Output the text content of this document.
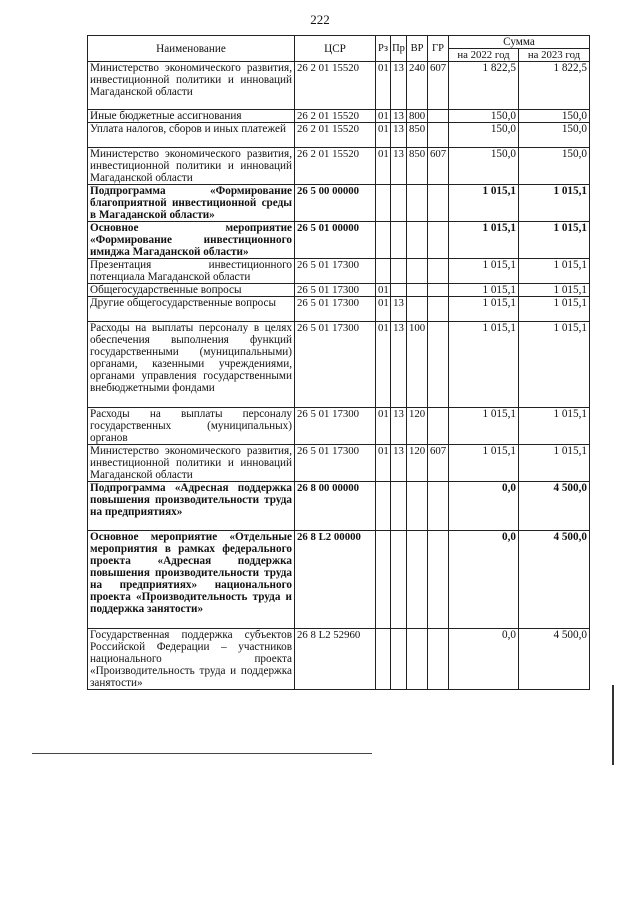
222
Наименование	ЦСР	Рз	Пр	ВР	ГР	Сумма	
						на 2022 год	на 2023 год
Министерство экономического развития, инвестиционной политики и инноваций Магаданской области	26 2 01 15520	01	13	240	607	1 822,5	1 822,5
Иные бюджетные ассигнования	26 2 01 15520	01	13	800		150,0	150,0
Уплата налогов, сборов и иных платежей	26 2 01 15520	01	13	850		150,0	150,0
Министерство экономического развития, инвестиционной политики и инноваций Магаданской области	26 2 01 15520	01	13	850	607	150,0	150,0
Подпрограмма «Формирование благоприятной инвестиционной среды в Магаданской области»	26 5 00 00000					1 015,1	1 015,1
Основное мероприятие «Формирование инвестиционного имиджа Магаданской области»	26 5 01 00000					1 015,1	1 015,1
Презентация инвестиционного потенциала Магаданской области	26 5 01 17300					1 015,1	1 015,1
Общегосударственные вопросы	26 5 01 17300	01				1 015,1	1 015,1
Другие общегосударственные вопросы	26 5 01 17300	01	13			1 015,1	1 015,1
Расходы на выплаты персоналу в целях обеспечения выполнения функций государственными (муниципальными) органами, казенными учреждениями, органами управления государственными внебюджетными фондами	26 5 01 17300	01	13	100		1 015,1	1 015,1
Расходы на выплаты персоналу государственных (муниципальных) органов	26 5 01 17300	01	13	120		1 015,1	1 015,1
Министерство экономического развития, инвестиционной политики и инноваций Магаданской области	26 5 01 17300	01	13	120	607	1 015,1	1 015,1
Подпрограмма «Адресная поддержка повышения производительности труда на предприятиях»	26 8 00 00000					0,0	4 500,0
Основное мероприятие «Отдельные мероприятия в рамках федерального проекта «Адресная поддержка повышения производительности труда на предприятиях» национального проекта «Производительность труда и поддержка занятости»	26 8 L2 00000					0,0	4 500,0
Государственная поддержка субъектов Российской Федерации – участников национального проекта «Производительность труда и поддержка занятости»	26 8 L2 52960					0,0	4 500,0
